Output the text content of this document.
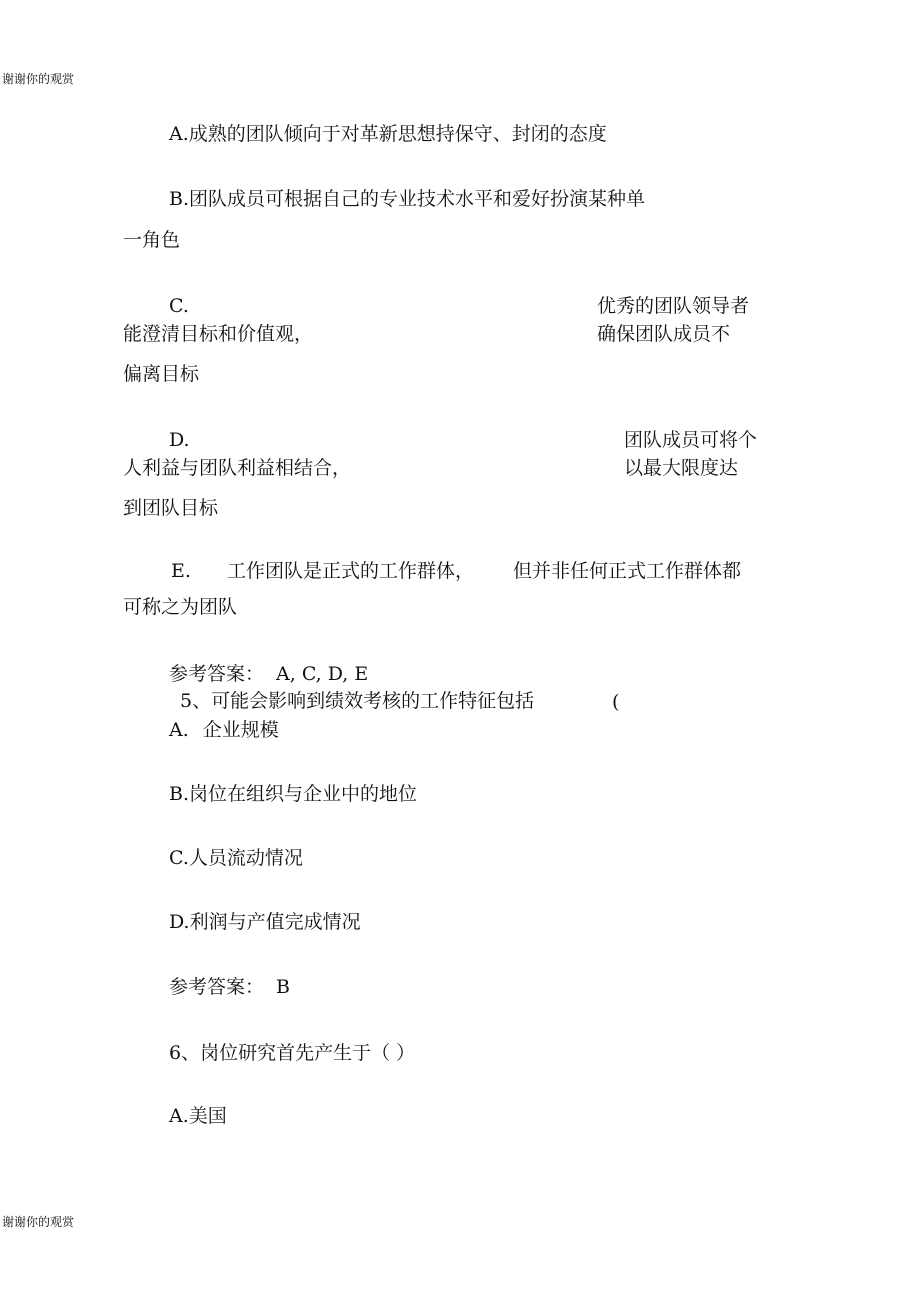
谢谢你的观赏
A.成熟的团队倾向于对革新思想持保守、封闭的态度
B.团队成员可根据自己的专业技术水平和爱好扮演某种单
一角色
C.	优秀的团队领导者
能澄清目标和价值观，	确保团队成员不
偏离目标
D.	团队成员可将个
人利益与团队利益相结合，	以最大限度达
到团队目标
E. 工作团队是正式的工作群体， 但并非任何正式工作群体都
可称之为团队
参考答案： A, C, D, E
5、可能会影响到绩效考核的工作特征包括	(
A. 企业规模
B.岗位在组织与企业中的地位
C.人员流动情况
D.利润与产值完成情况
参考答案： B
6、岗位研究首先产生于（ ）
A.美国
谢谢你的观赏
